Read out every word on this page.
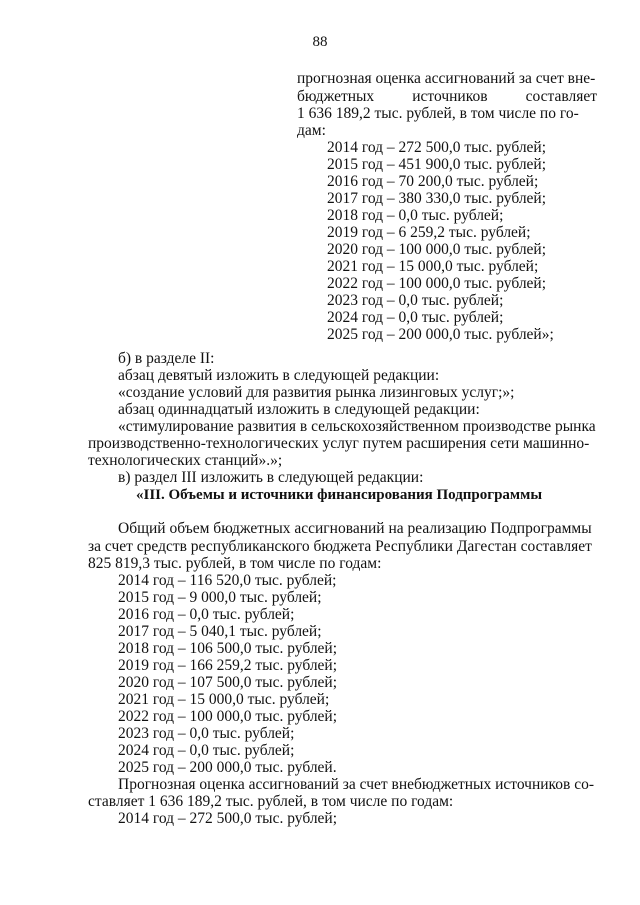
88
прогнозная оценка ассигнований за счет вне-
бюджетных источников составляет
1 636 189,2 тыс. рублей, в том числе по го-
дам:
2014 год – 272 500,0 тыс. рублей;
2015 год – 451 900,0 тыс. рублей;
2016 год – 70 200,0 тыс. рублей;
2017 год – 380 330,0 тыс. рублей;
2018 год – 0,0 тыс. рублей;
2019 год – 6 259,2 тыс. рублей;
2020 год – 100 000,0 тыс. рублей;
2021 год – 15 000,0 тыс. рублей;
2022 год – 100 000,0 тыс. рублей;
2023 год – 0,0 тыс. рублей;
2024 год – 0,0 тыс. рублей;
2025 год – 200 000,0 тыс. рублей»;
б) в разделе II:
абзац девятый изложить в следующей редакции:
«создание условий для развития рынка лизинговых услуг;»;
абзац одиннадцатый изложить в следующей редакции:
«стимулирование развития в сельскохозяйственном производстве рынка
производственно-технологических услуг путем расширения сети машинно-
технологических станций».»;
в) раздел III изложить в следующей редакции:
«III. Объемы и источники финансирования Подпрограммы
Общий объем бюджетных ассигнований на реализацию Подпрограммы
за счет средств республиканского бюджета Республики Дагестан составляет
825 819,3 тыс. рублей, в том числе по годам:
2014 год – 116 520,0 тыс. рублей;
2015 год – 9 000,0 тыс. рублей;
2016 год – 0,0 тыс. рублей;
2017 год – 5 040,1 тыс. рублей;
2018 год – 106 500,0 тыс. рублей;
2019 год – 166 259,2 тыс. рублей;
2020 год – 107 500,0 тыс. рублей;
2021 год – 15 000,0 тыс. рублей;
2022 год – 100 000,0 тыс. рублей;
2023 год – 0,0 тыс. рублей;
2024 год – 0,0 тыс. рублей;
2025 год – 200 000,0 тыс. рублей.
Прогнозная оценка ассигнований за счет внебюджетных источников со-
ставляет 1 636 189,2 тыс. рублей, в том числе по годам:
2014 год – 272 500,0 тыс. рублей;
